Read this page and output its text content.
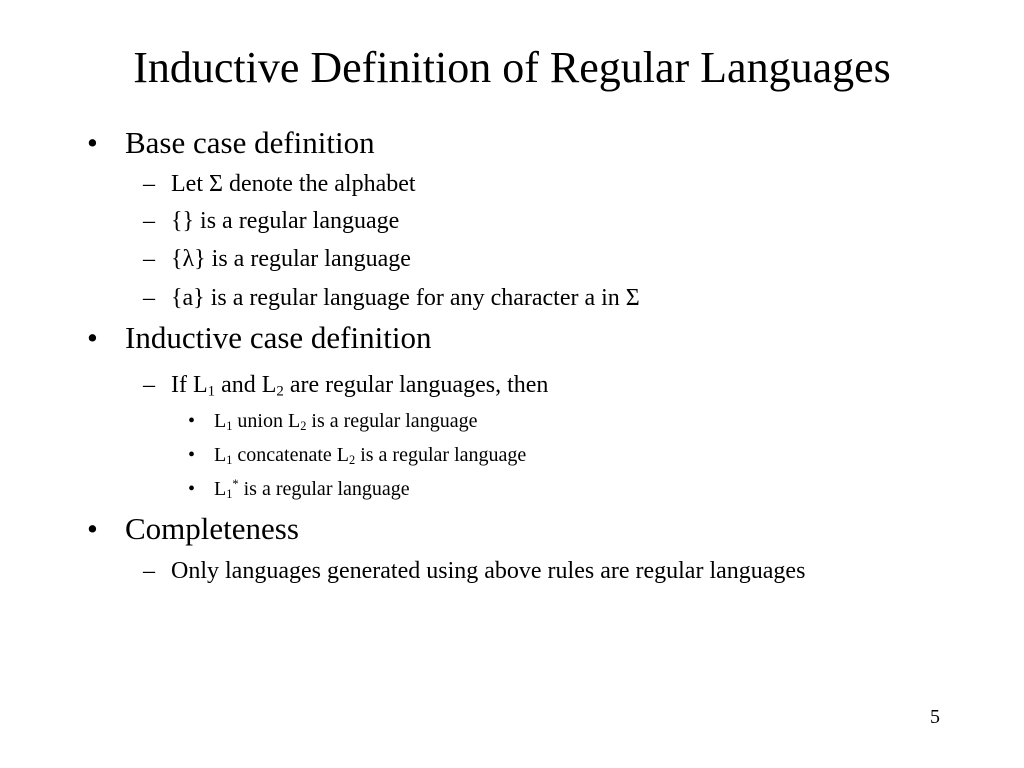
Inductive Definition of Regular Languages
• Base case definition
– Let Σ denote the alphabet
– {} is a regular language
– {λ} is a regular language
– {a} is a regular language for any character a in Σ
• Inductive case definition
– If $L_1$ and $L_2$ are regular languages, then
• $L_1$ union $L_2$ is a regular language
• $L_1$ concatenate $L_2$ is a regular language
• $L_1^*$ is a regular language
• Completeness
– Only languages generated using above rules are regular languages
5
